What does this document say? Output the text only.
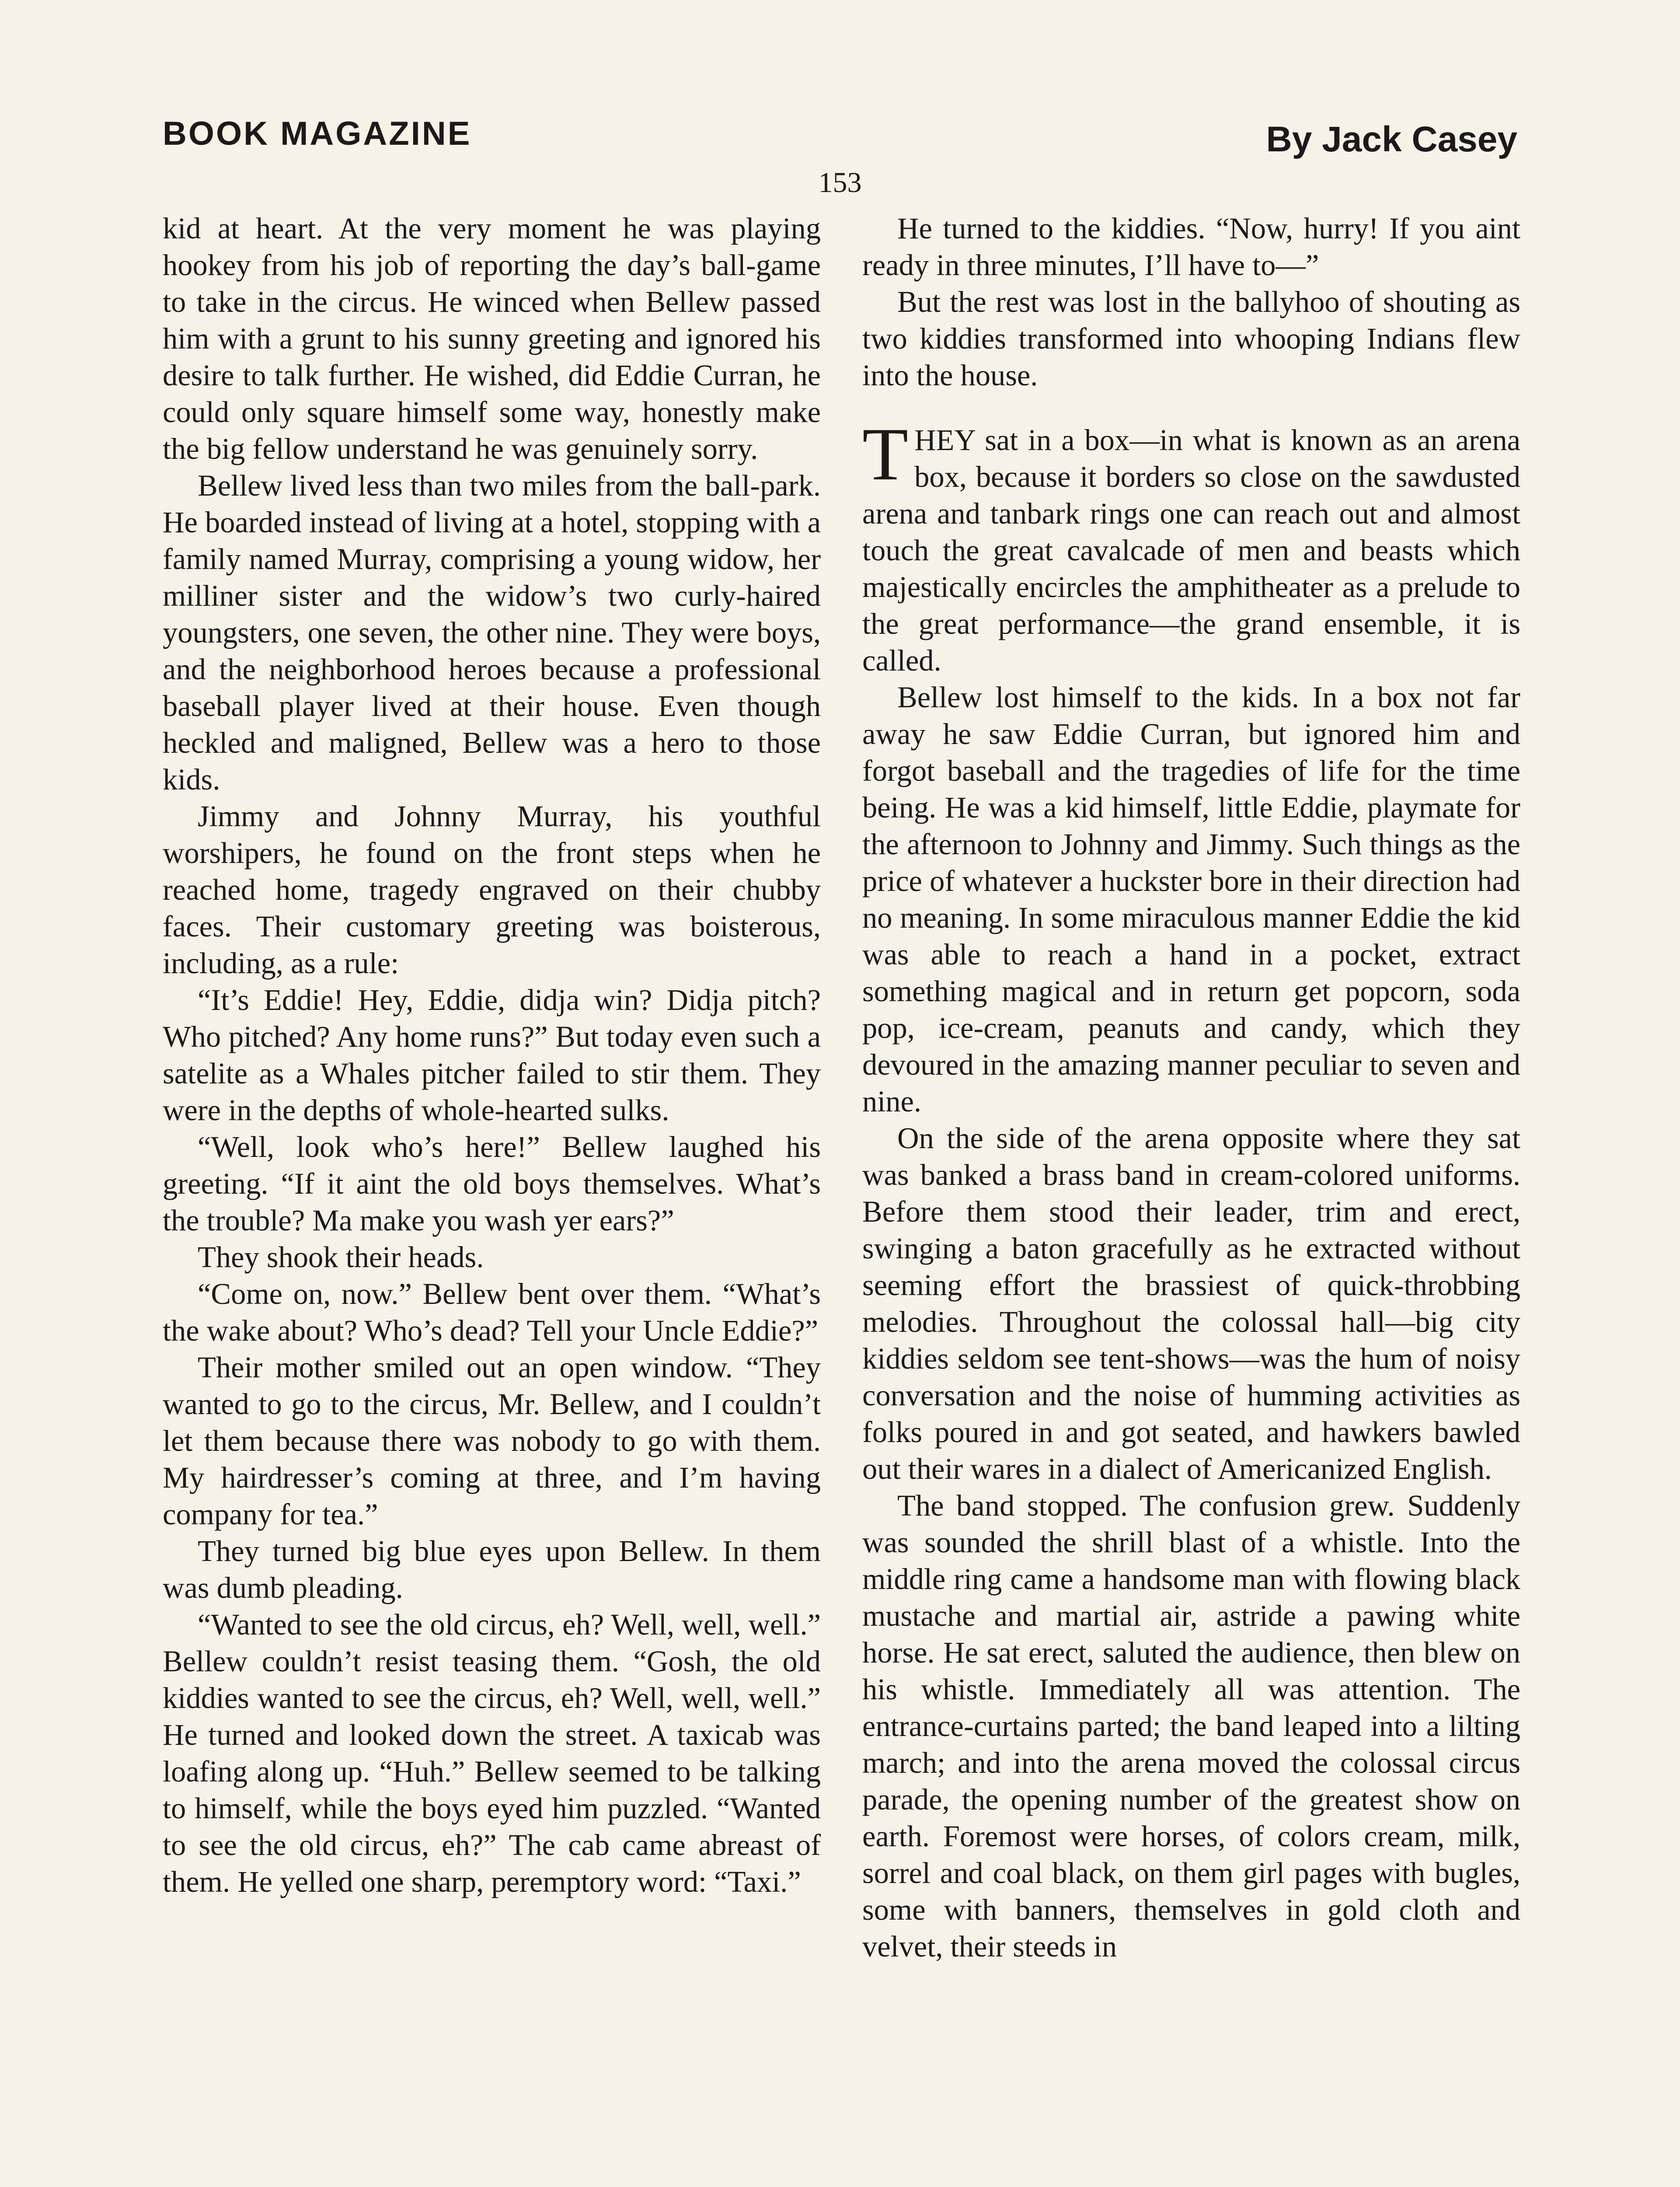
BOOK MAGAZINE	By Jack Casey
153

kid at heart. At the very moment he was playing hookey from his job of reporting the day’s ball-game to take in the circus. He winced when Bellew passed him with a grunt to his sunny greeting and ignored his desire to talk further. He wished, did Eddie Curran, he could only square himself some way, honestly make the big fellow understand he was genuinely sorry.

Bellew lived less than two miles from the ball-park. He boarded instead of living at a hotel, stopping with a family named Murray, comprising a young widow, her milliner sister and the widow’s two curly-haired youngsters, one seven, the other nine. They were boys, and the neighborhood heroes because a professional baseball player lived at their house. Even though heckled and maligned, Bellew was a hero to those kids.

Jimmy and Johnny Murray, his youthful worshipers, he found on the front steps when he reached home, tragedy engraved on their chubby faces. Their customary greeting was boisterous, including, as a rule:

“It’s Eddie! Hey, Eddie, didja win? Didja pitch? Who pitched? Any home runs?” But today even such a satelite as a Whales pitcher failed to stir them. They were in the depths of whole-hearted sulks.

“Well, look who’s here!” Bellew laughed his greeting. “If it aint the old boys themselves. What’s the trouble? Ma make you wash yer ears?”

They shook their heads.

“Come on, now.” Bellew bent over them. “What’s the wake about? Who’s dead? Tell your Uncle Eddie?”

Their mother smiled out an open window. “They wanted to go to the circus, Mr. Bellew, and I couldn’t let them because there was nobody to go with them. My hairdresser’s coming at three, and I’m having company for tea.”

They turned big blue eyes upon Bellew. In them was dumb pleading.

“Wanted to see the old circus, eh? Well, well, well.” Bellew couldn’t resist teasing them. “Gosh, the old kiddies wanted to see the circus, eh? Well, well, well.” He turned and looked down the street. A taxicab was loafing along up. “Huh.” Bellew seemed to be talking to himself, while the boys eyed him puzzled. “Wanted to see the old circus, eh?” The cab came abreast of them. He yelled one sharp, peremptory word: “Taxi.”

He turned to the kiddies. “Now, hurry! If you aint ready in three minutes, I’ll have to—”

But the rest was lost in the ballyhoo of shouting as two kiddies transformed into whooping Indians flew into the house.

THEY sat in a box—in what is known as an arena box, because it borders so close on the sawdusted arena and tanbark rings one can reach out and almost touch the great cavalcade of men and beasts which majestically encircles the amphitheater as a prelude to the great performance—the grand ensemble, it is called.

Bellew lost himself to the kids. In a box not far away he saw Eddie Curran, but ignored him and forgot baseball and the tragedies of life for the time being. He was a kid himself, little Eddie, playmate for the afternoon to Johnny and Jimmy. Such things as the price of whatever a huckster bore in their direction had no meaning. In some miraculous manner Eddie the kid was able to reach a hand in a pocket, extract something magical and in return get popcorn, soda pop, ice-cream, peanuts and candy, which they devoured in the amazing manner peculiar to seven and nine.

On the side of the arena opposite where they sat was banked a brass band in cream-colored uniforms. Before them stood their leader, trim and erect, swinging a baton gracefully as he extracted without seeming effort the brassiest of quick-throbbing melodies. Throughout the colossal hall—big city kiddies seldom see tent-shows—was the hum of noisy conversation and the noise of humming activities as folks poured in and got seated, and hawkers bawled out their wares in a dialect of Americanized English.

The band stopped. The confusion grew. Suddenly was sounded the shrill blast of a whistle. Into the middle ring came a handsome man with flowing black mustache and martial air, astride a pawing white horse. He sat erect, saluted the audience, then blew on his whistle. Immediately all was attention. The entrance-curtains parted; the band leaped into a lilting march; and into the arena moved the colossal circus parade, the opening number of the greatest show on earth. Foremost were horses, of colors cream, milk, sorrel and coal black, on them girl pages with bugles, some with banners, themselves in gold cloth and velvet, their steeds in
